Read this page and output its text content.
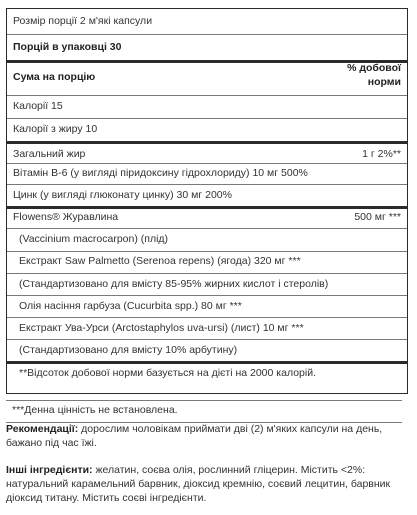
Розмір порції 2 м'які капсули
Порцій в упаковці 30
Сума на порцію
% добової
норми
Калорії 15
Калорії з жиру 10
Загальний жир	1 г 2%**
Вітамін В-6 (у вигляді піридоксину гідрохлориду) 10 мг 500%
Цинк (у вигляді глюконату цинку) 30 мг 200%
Flowens® Журавлина	500 мг ***
(Vaccinium macrocarpon) (плід)
Екстракт Saw Palmetto (Serenoa repens) (ягода) 320 мг ***
(Стандартизовано для вмісту 85-95% жирних кислот і стеролів)
Олія насіння гарбуза (Cucurbita spp.) 80 мг ***
Екстракт Ува-Урси (Arctostaphylos uva-ursi) (лист) 10 мг ***
(Стандартизовано для вмісту 10% арбутину)
**Відсоток добової норми базується на дієті на 2000 калорій.
***Денна цінність не встановлена.
Рекомендації: дорослим чоловікам приймати дві (2) м'яких капсули на день, бажано під час їжі.
Інші інгредієнти: желатин, соєва олія, рослинний гліцерин. Містить <2%: натуральний карамельний барвник, діоксид кремнію, соєвий лецитин, барвник діоксид титану. Містить соєві інгредієнти.
